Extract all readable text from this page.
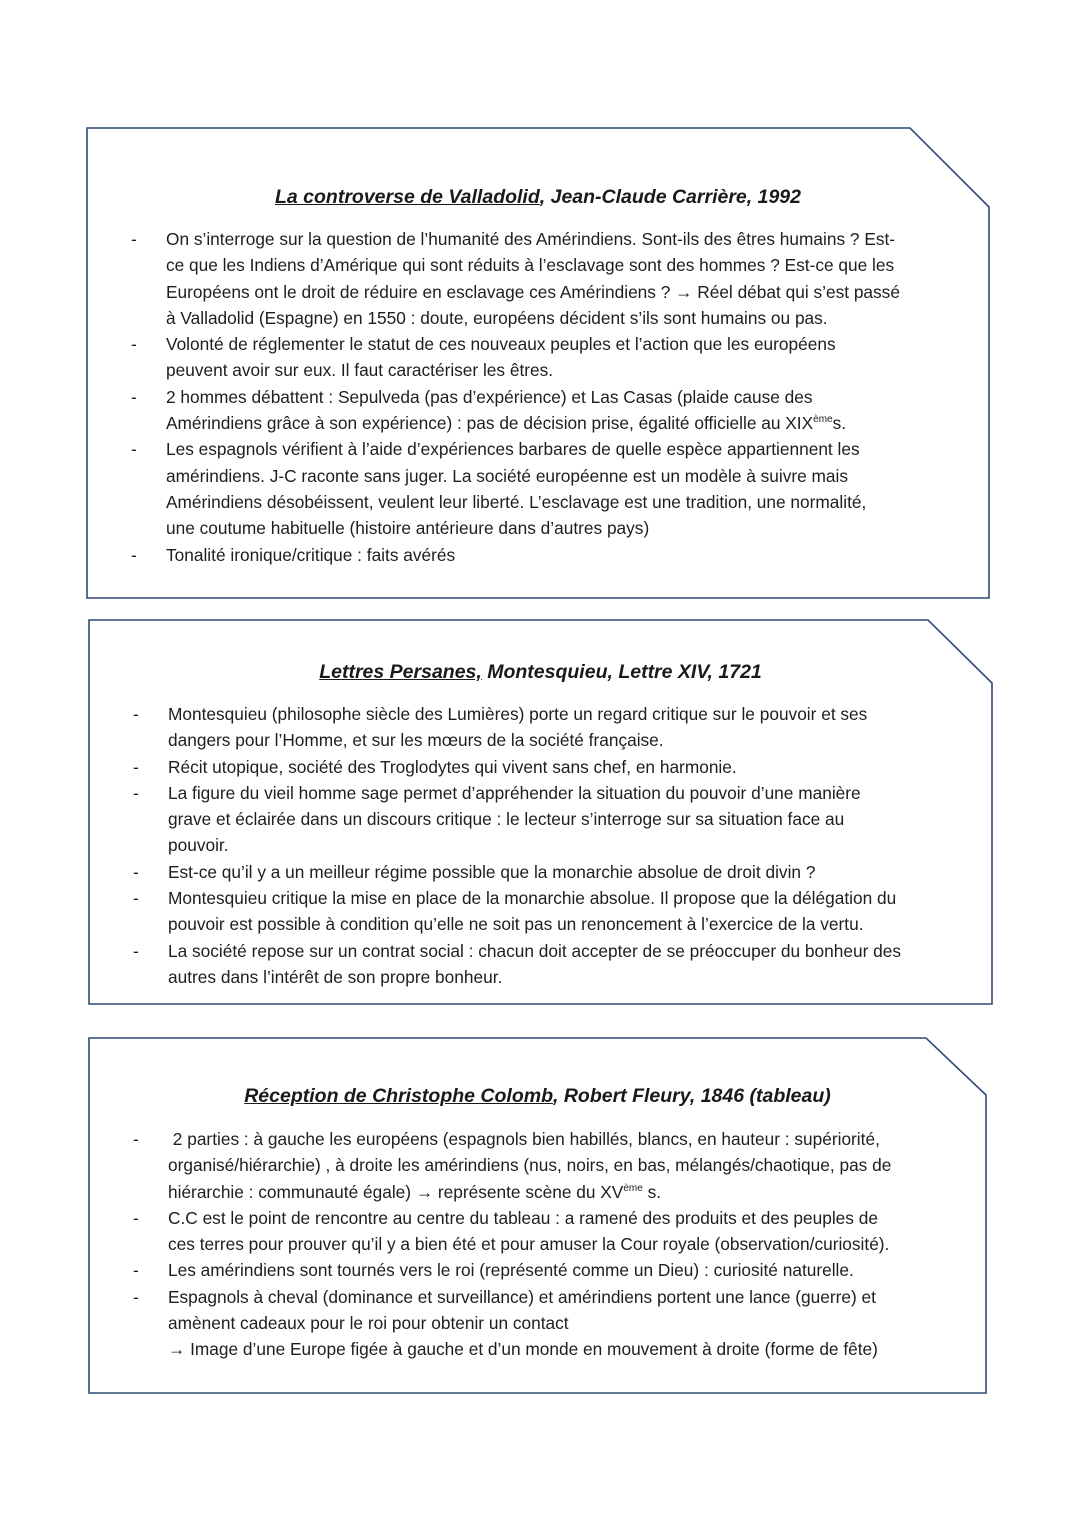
La controverse de Valladolid, Jean-Claude Carrière, 1992
- On s’interroge sur la question de l’humanité des Amérindiens. Sont-ils des êtres humains ? Est-
ce que les Indiens d’Amérique qui sont réduits à l’esclavage sont des hommes ? Est-ce que les
Européens ont le droit de réduire en esclavage ces Amérindiens ? → Réel débat qui s’est passé
à Valladolid (Espagne) en 1550 : doute, européens décident s’ils sont humains ou pas.
- Volonté de réglementer le statut de ces nouveaux peuples et l’action que les européens
peuvent avoir sur eux. Il faut caractériser les êtres.
- 2 hommes débattent : Sepulveda (pas d’expérience) et Las Casas (plaide cause des
Amérindiens grâce à son expérience) : pas de décision prise, égalité officielle au XIXèmes.
- Les espagnols vérifient à l’aide d’expériences barbares de quelle espèce appartiennent les
amérindiens. J-C raconte sans juger. La société européenne est un modèle à suivre mais
Amérindiens désobéissent, veulent leur liberté. L’esclavage est une tradition, une normalité,
une coutume habituelle (histoire antérieure dans d’autres pays)
- Tonalité ironique/critique : faits avérés
Lettres Persanes, Montesquieu, Lettre XIV, 1721
- Montesquieu (philosophe siècle des Lumières) porte un regard critique sur le pouvoir et ses
dangers pour l’Homme, et sur les mœurs de la société française.
- Récit utopique, société des Troglodytes qui vivent sans chef, en harmonie.
- La figure du vieil homme sage permet d’appréhender la situation du pouvoir d’une manière
grave et éclairée dans un discours critique : le lecteur s’interroge sur sa situation face au
pouvoir.
- Est-ce qu’il y a un meilleur régime possible que la monarchie absolue de droit divin ?
- Montesquieu critique la mise en place de la monarchie absolue. Il propose que la délégation du
pouvoir est possible à condition qu’elle ne soit pas un renoncement à l’exercice de la vertu.
- La société repose sur un contrat social : chacun doit accepter de se préoccuper du bonheur des
autres dans l’intérêt de son propre bonheur.
Réception de Christophe Colomb, Robert Fleury, 1846 (tableau)
- 2 parties : à gauche les européens (espagnols bien habillés, blancs, en hauteur : supériorité,
organisé/hiérarchie) , à droite les amérindiens (nus, noirs, en bas, mélangés/chaotique, pas de
hiérarchie : communauté égale) → représente scène du XVème s.
- C.C est le point de rencontre au centre du tableau : a ramené des produits et des peuples de
ces terres pour prouver qu’il y a bien été et pour amuser la Cour royale (observation/curiosité).
- Les amérindiens sont tournés vers le roi (représenté comme un Dieu) : curiosité naturelle.
- Espagnols à cheval (dominance et surveillance) et amérindiens portent une lance (guerre) et
amènent cadeaux pour le roi pour obtenir un contact
→ Image d’une Europe figée à gauche et d’un monde en mouvement à droite (forme de fête)
